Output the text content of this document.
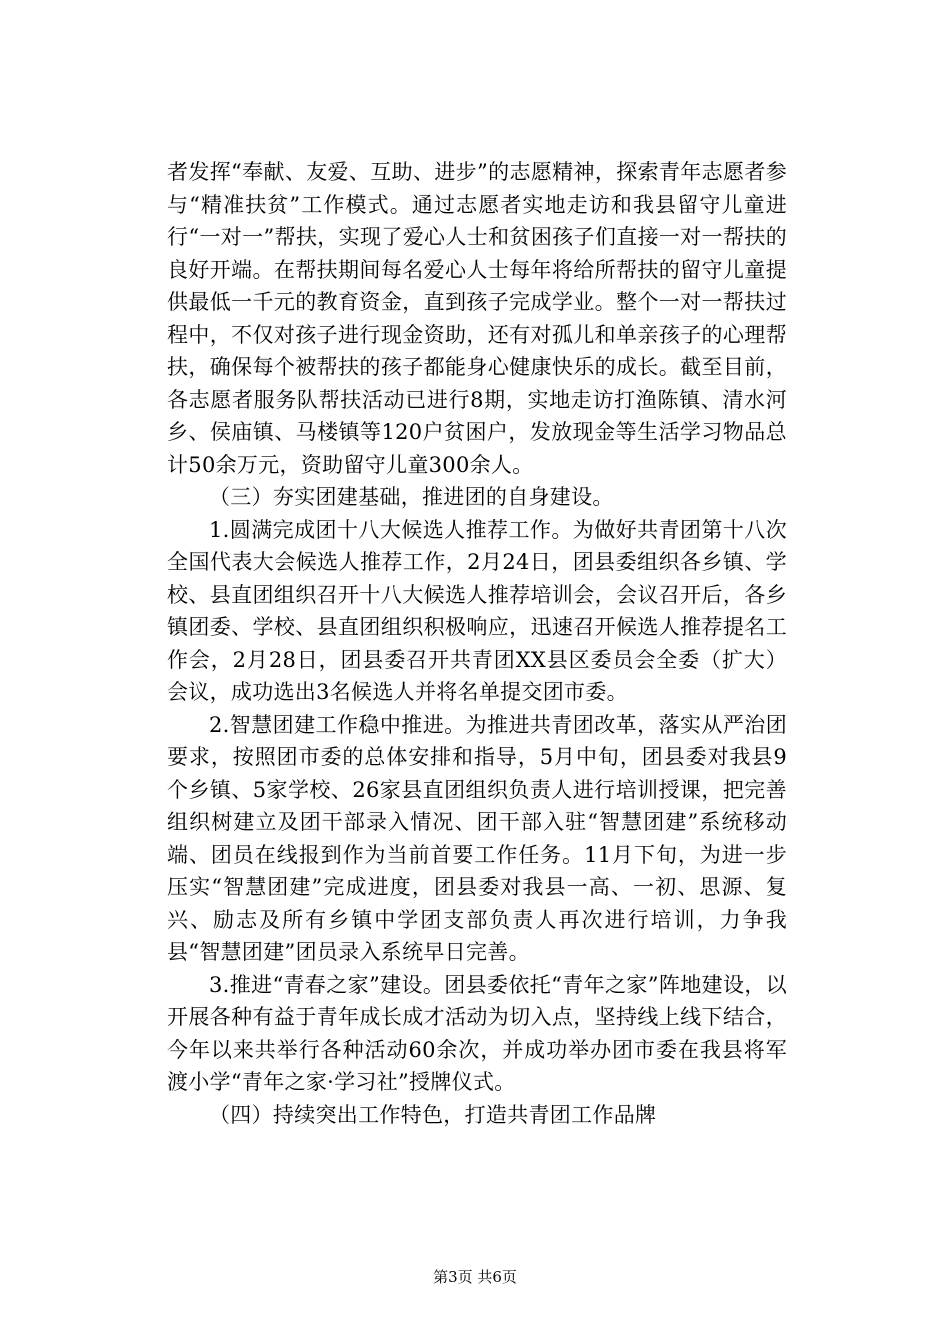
者发挥“奉献、友爱、互助、进步”的志愿精神，探索青年志愿者参与“精准扶贫”工作模式。通过志愿者实地走访和我县留守儿童进行“一对一”帮扶，实现了爱心人士和贫困孩子们直接一对一帮扶的良好开端。在帮扶期间每名爱心人士每年将给所帮扶的留守儿童提供最低一千元的教育资金，直到孩子完成学业。整个一对一帮扶过程中，不仅对孩子进行现金资助，还有对孤儿和单亲孩子的心理帮扶，确保每个被帮扶的孩子都能身心健康快乐的成长。截至目前，各志愿者服务队帮扶活动已进行8期，实地走访打渔陈镇、清水河乡、侯庙镇、马楼镇等120户贫困户，发放现金等生活学习物品总计50余万元，资助留守儿童300余人。

（三）夯实团建基础，推进团的自身建设。

1.圆满完成团十八大候选人推荐工作。为做好共青团第十八次全国代表大会候选人推荐工作，2月24日，团县委组织各乡镇、学校、县直团组织召开十八大候选人推荐培训会，会议召开后，各乡镇团委、学校、县直团组织积极响应，迅速召开候选人推荐提名工作会，2月28日，团县委召开共青团XX县区委员会全委（扩大）会议，成功选出3名候选人并将名单提交团市委。

2.智慧团建工作稳中推进。为推进共青团改革，落实从严治团要求，按照团市委的总体安排和指导，5月中旬，团县委对我县9个乡镇、5家学校、26家县直团组织负责人进行培训授课，把完善组织树建立及团干部录入情况、团干部入驻“智慧团建”系统移动端、团员在线报到作为当前首要工作任务。11月下旬，为进一步压实“智慧团建”完成进度，团县委对我县一高、一初、思源、复兴、励志及所有乡镇中学团支部负责人再次进行培训，力争我县“智慧团建”团员录入系统早日完善。

3.推进“青春之家”建设。团县委依托“青年之家”阵地建设，以开展各种有益于青年成长成才活动为切入点，坚持线上线下结合，今年以来共举行各种活动60余次，并成功举办团市委在我县将军渡小学“青年之家·学习社”授牌仪式。

（四）持续突出工作特色，打造共青团工作品牌

第3页 共6页
